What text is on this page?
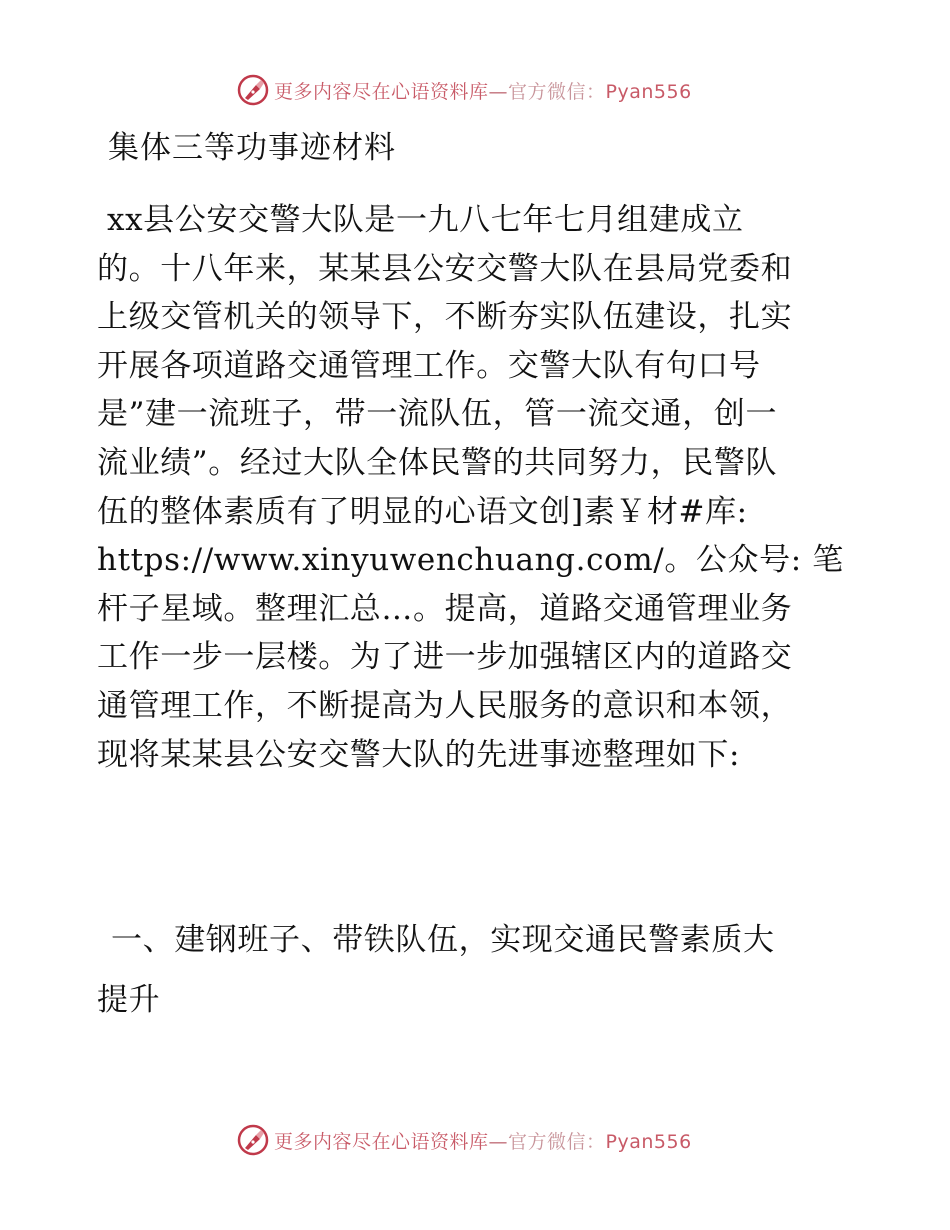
更多内容尽在心语资料库—官方微信：Pyan556
集体三等功事迹材料
xx县公安交警大队是一九八七年七月组建成立
的。十八年来，某某县公安交警大队在县局党委和
上级交管机关的领导下，不断夯实队伍建设，扎实
开展各项道路交通管理工作。交警大队有句口号
是”建一流班子，带一流队伍，管一流交通，创一
流业绩”。经过大队全体民警的共同努力，民警队
伍的整体素质有了明显的心语文创]素￥材#库:
https://www.xinyuwenchuang.com/。公众号: 笔
杆子星域。整理汇总…。提高，道路交通管理业务
工作一步一层楼。为了进一步加强辖区内的道路交
通管理工作，不断提高为人民服务的意识和本领，
现将某某县公安交警大队的先进事迹整理如下:
一、建钢班子、带铁队伍，实现交通民警素质大
提升
更多内容尽在心语资料库—官方微信：Pyan556
